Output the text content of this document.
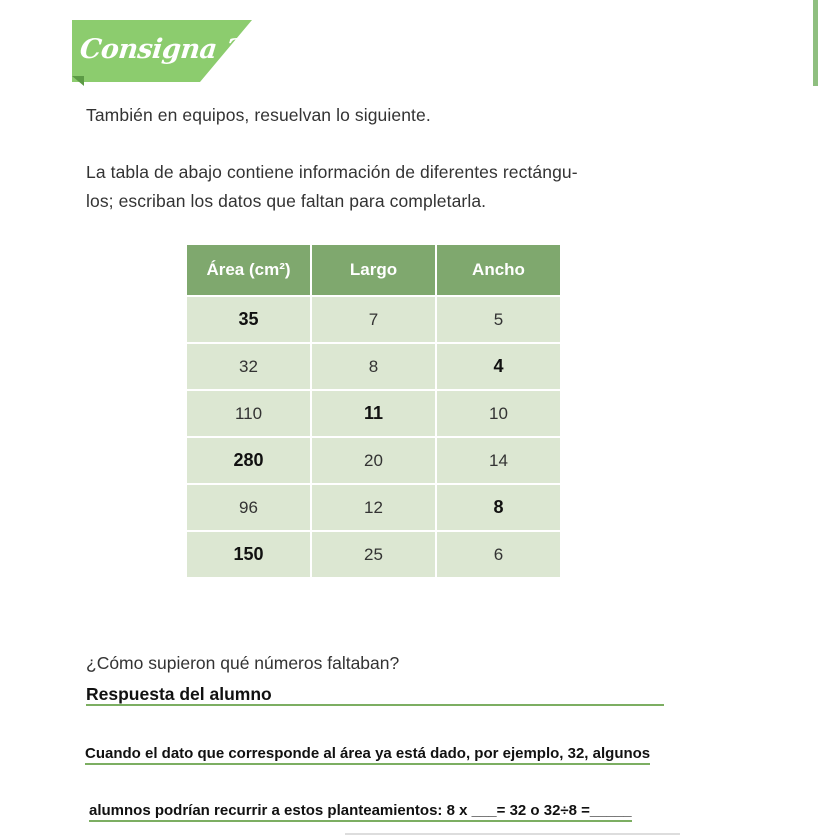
Consigna 2
También en equipos, resuelvan lo siguiente.
La tabla de abajo contiene información de diferentes rectángu-
los; escriban los datos que faltan para completarla.
Área (cm²)	Largo	Ancho
35	7	5
32	8	4
110	11	10
280	20	14
96	12	8
150	25	6
¿Cómo supieron qué números faltaban?
Respuesta del alumno
Cuando el dato que corresponde al área ya está dado, por ejemplo, 32, algunos
alumnos podrían recurrir a estos planteamientos: 8 x ___= 32 o 32÷8 =_____
